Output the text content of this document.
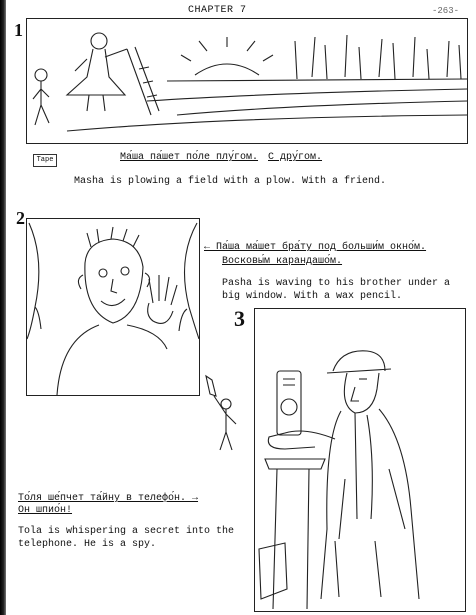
CHAPTER 7	-263-
1
Tape	Ма́ша па́шет по́ле плу́гом. С дру́гом.
Masha is plowing a field with a plow. With a friend.
2
← Па́ша ма́шет бра́ту под больши́м окно́м.
Восковы́м карандашо́м.
Pasha is waving to his brother under a
big window. With a wax pencil.
3
То́ля ше́пчет та́йну в телефо́н. →
Он шпио́н!
Tola is whispering a secret into the
telephone. He is a spy.
